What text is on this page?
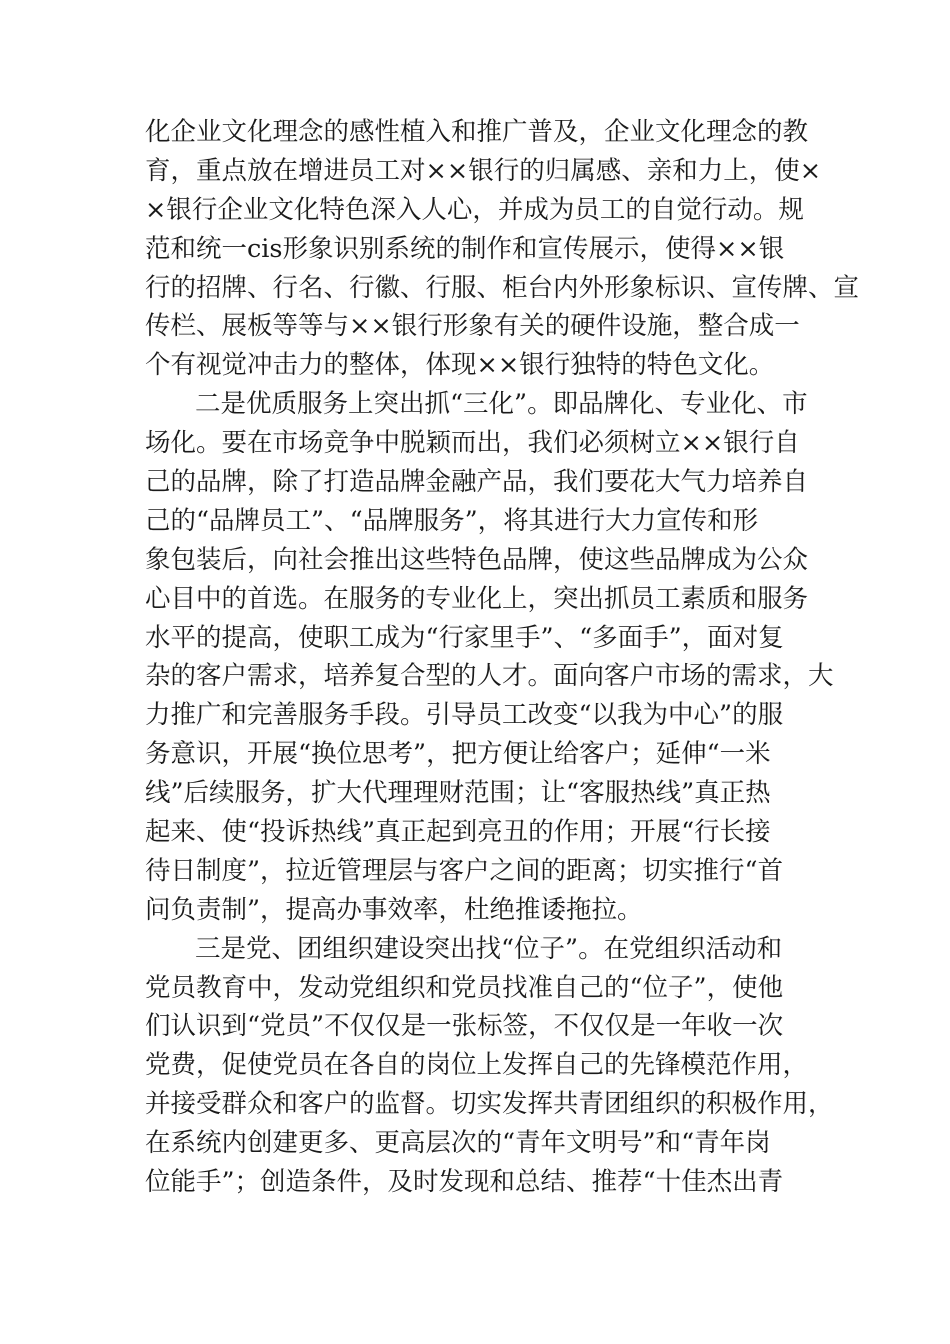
化企业文化理念的感性植入和推广普及，企业文化理念的教
育，重点放在增进员工对××银行的归属感、亲和力上，使×
×银行企业文化特色深入人心，并成为员工的自觉行动。规
范和统一cis形象识别系统的制作和宣传展示，使得××银
行的招牌、行名、行徽、行服、柜台内外形象标识、宣传牌、宣
传栏、展板等等与××银行形象有关的硬件设施，整合成一
个有视觉冲击力的整体，体现××银行独特的特色文化。
二是优质服务上突出抓“三化”。即品牌化、专业化、市
场化。要在市场竞争中脱颖而出，我们必须树立××银行自
己的品牌，除了打造品牌金融产品，我们要花大气力培养自
己的“品牌员工”、“品牌服务”，将其进行大力宣传和形
象包装后，向社会推出这些特色品牌，使这些品牌成为公众
心目中的首选。在服务的专业化上，突出抓员工素质和服务
水平的提高，使职工成为“行家里手”、“多面手”，面对复
杂的客户需求，培养复合型的人才。面向客户市场的需求，大
力推广和完善服务手段。引导员工改变“以我为中心”的服
务意识，开展“换位思考”，把方便让给客户；延伸“一米
线”后续服务，扩大代理理财范围；让“客服热线”真正热
起来、使“投诉热线”真正起到亮丑的作用；开展“行长接
待日制度”，拉近管理层与客户之间的距离；切实推行“首
问负责制”，提高办事效率，杜绝推诿拖拉。
三是党、团组织建设突出找“位子”。在党组织活动和
党员教育中，发动党组织和党员找准自己的“位子”，使他
们认识到“党员”不仅仅是一张标签，不仅仅是一年收一次
党费，促使党员在各自的岗位上发挥自己的先锋模范作用，
并接受群众和客户的监督。切实发挥共青团组织的积极作用，
在系统内创建更多、更高层次的“青年文明号”和“青年岗
位能手”；创造条件，及时发现和总结、推荐“十佳杰出青
